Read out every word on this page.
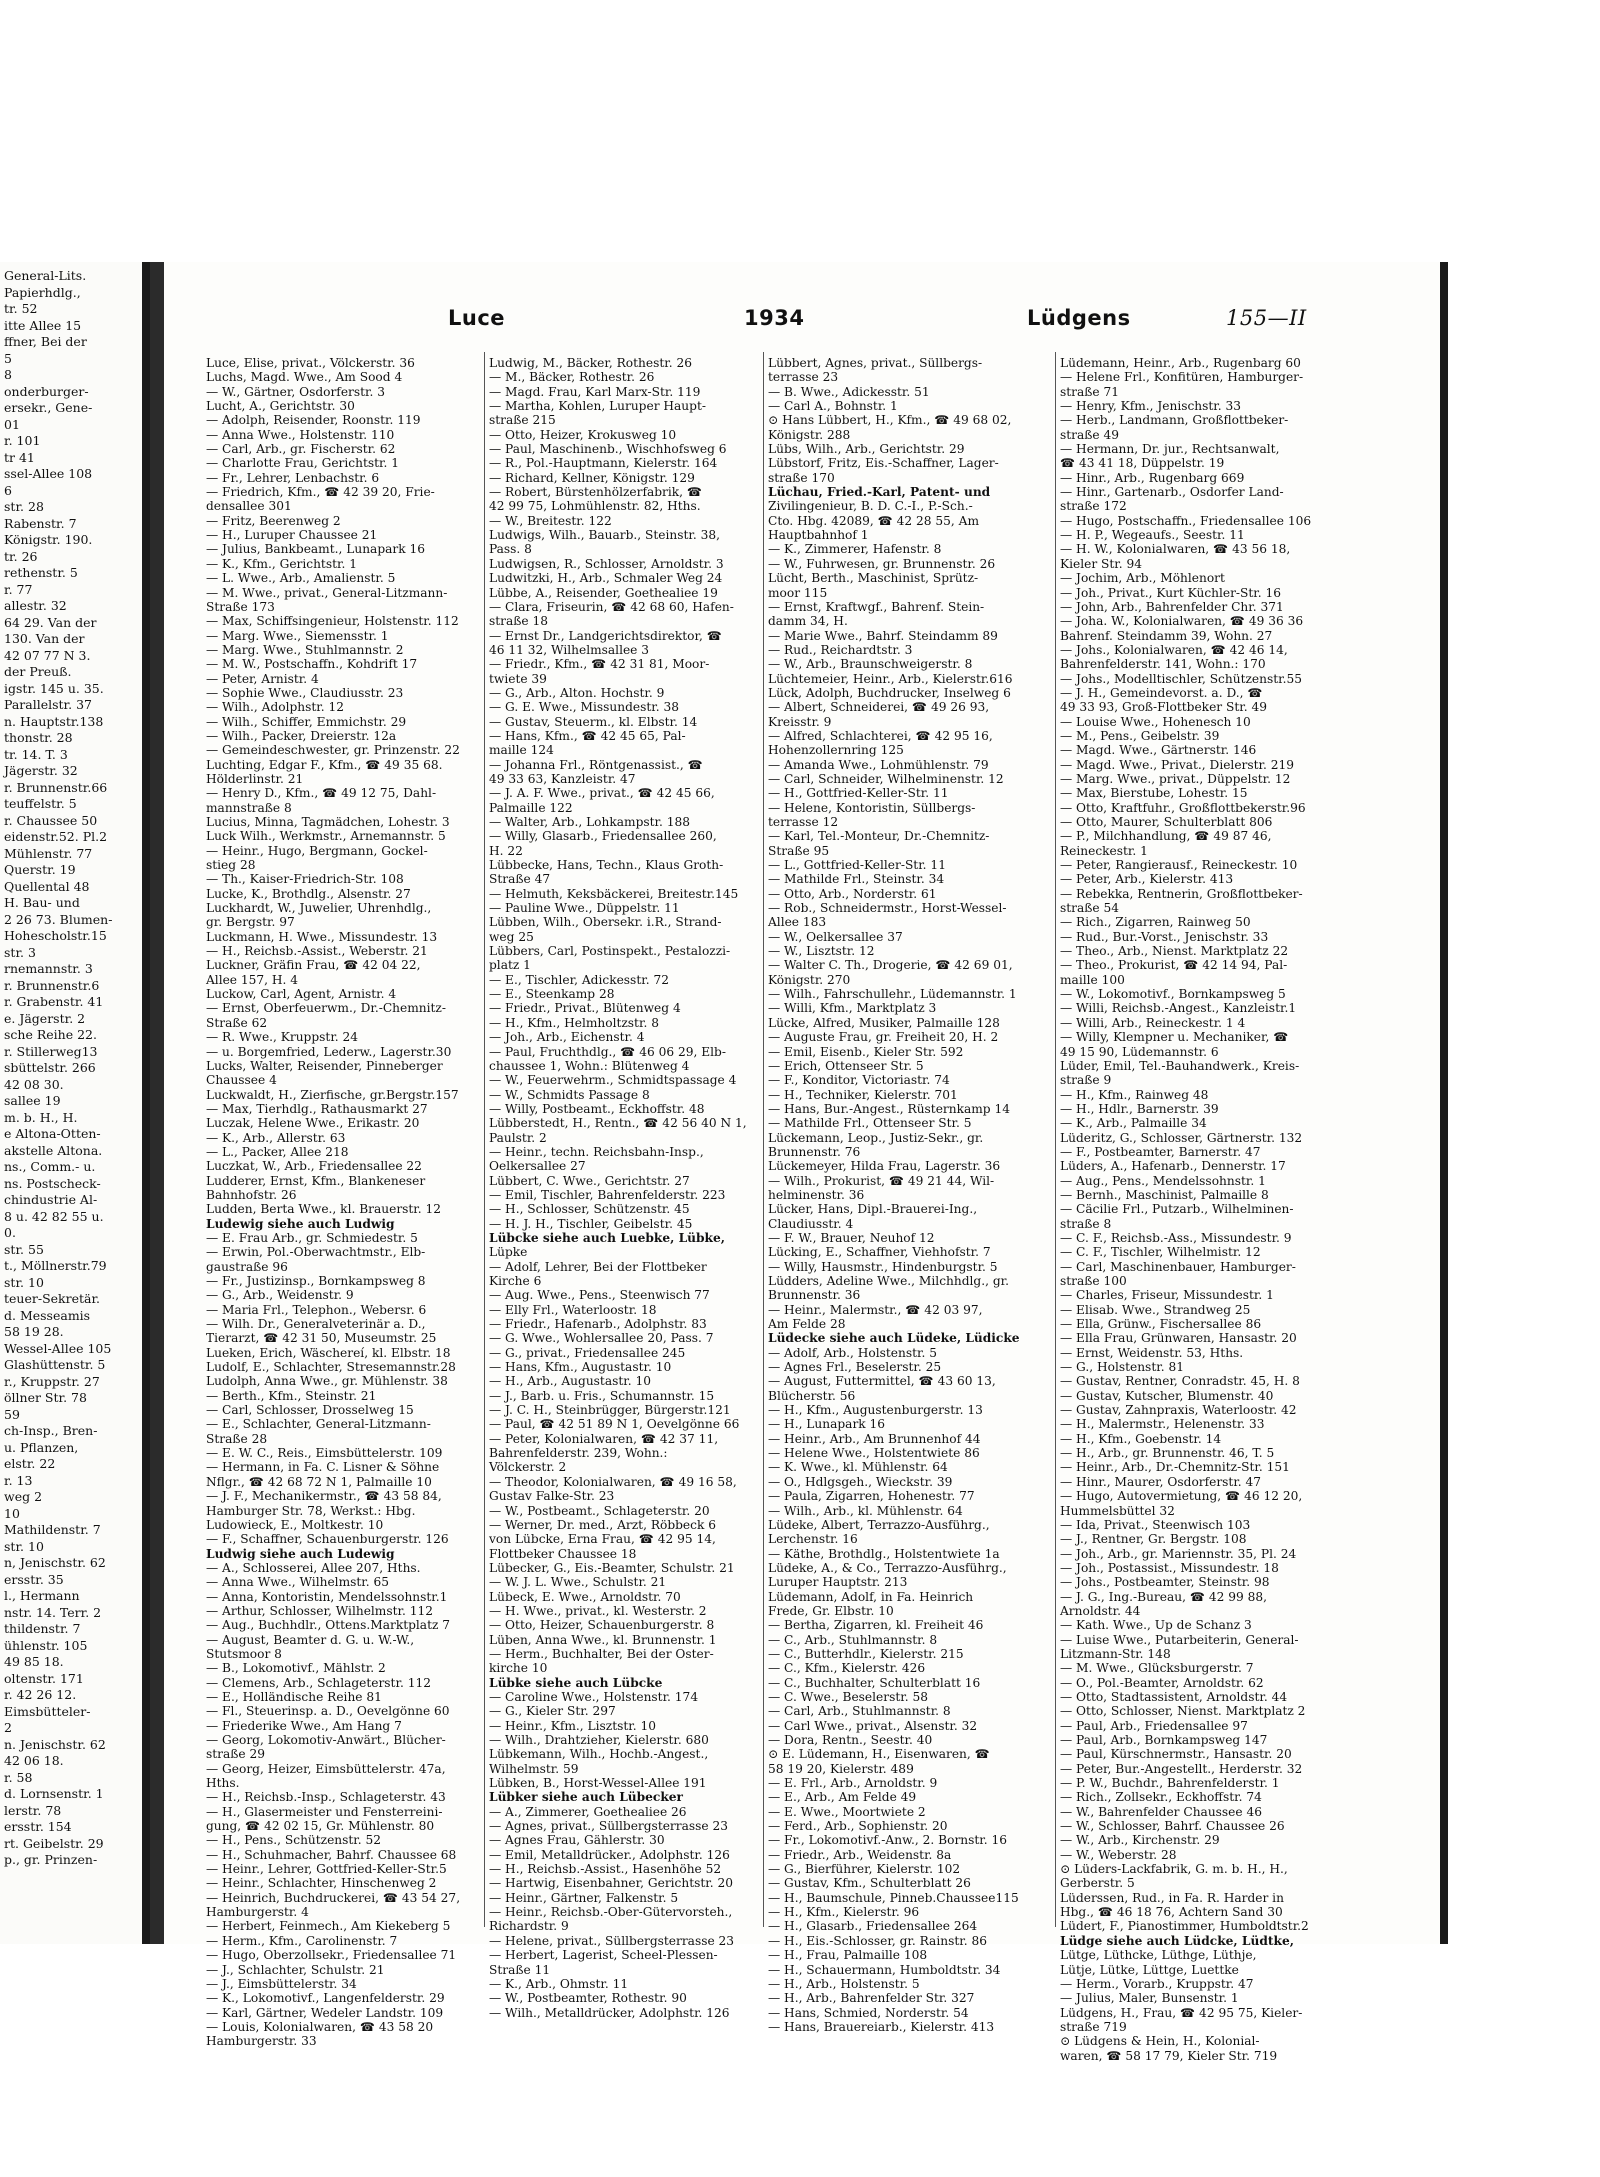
General-Lits.
Papierhdlg.,
tr. 52
itte Allee 15
ffner, Bei der
5
8
onderburger-
ersekr., Gene-
01
r. 101
tr 41
ssel-Allee 108
6
str. 28
Rabenstr. 7
Königstr. 190.
tr. 26
rethenstr. 5
r. 77
allestr. 32
64 29. Van der
130. Van der
42 07 77 N 3.
der Preuß.
igstr. 145 u. 35.
Parallelstr. 37
n. Hauptstr.138
thonstr. 28
tr. 14. T. 3
Jägerstr. 32
r. Brunnenstr.66
teuffelstr. 5
r. Chaussee 50
eidenstr.52. Pl.2
Mühlenstr. 77
Querstr. 19
Quellental 48
H. Bau- und
2 26 73. Blumen-
Hohescholstr.15
str. 3
rnemannstr. 3
r. Brunnenstr.6
r. Grabenstr. 41
e. Jägerstr. 2
sche Reihe 22.
r. Stillerweg13
sbüttelstr. 266
42 08 30.
sallee 19
m. b. H., H.
e Altona-Otten-
akstelle Altona.
ns., Comm.- u.
ns. Postscheck-
chindustrie Al-
8 u. 42 82 55 u.
0.
str. 55
t., Möllnerstr.79
str. 10
teuer-Sekretär.
d. Messeamis
58 19 28.
Wessel-Allee 105
Glashüttenstr. 5
r., Kruppstr. 27
öllner Str. 78
59
ch-Insp., Bren-
u. Pflanzen,
elstr. 22
r. 13
weg 2
10
Mathildenstr. 7
str. 10
n, Jenischstr. 62
ersstr. 35
l., Hermann
nstr. 14. Terr. 2
thildenstr. 7
ühlenstr. 105
49 85 18.
oltenstr. 171
r. 42 26 12.
Eimsbütteler-
2
n. Jenischstr. 62
42 06 18.
r. 58
d. Lornsenstr. 1
lerstr. 78
ersstr. 154
rt. Geibelstr. 29
p., gr. Prinzen-
Luce	1934	Lüdgens	155—II
Luce, Elise, privat., Völckerstr. 36
Luchs, Magd. Wwe., Am Sood 4
— W., Gärtner, Osdorferstr. 3
Lucht, A., Gerichtstr. 30
— Adolph, Reisender, Roonstr. 119
— Anna Wwe., Holstenstr. 110
— Carl, Arb., gr. Fischerstr. 62
— Charlotte Frau, Gerichtstr. 1
— Fr., Lehrer, Lenbachstr. 6
— Friedrich, Kfm., ☎ 42 39 20, Frie-
densallee 301
— Fritz, Beerenweg 2
— H., Luruper Chaussee 21
— Julius, Bankbeamt., Lunapark 16
— K., Kfm., Gerichtstr. 1
— L. Wwe., Arb., Amalienstr. 5
— M. Wwe., privat., General-Litzmann-
Straße 173
— Max, Schiffsingenieur, Holstenstr. 112
— Marg. Wwe., Siemensstr. 1
— Marg. Wwe., Stuhlmannstr. 2
— M. W., Postschaffn., Kohdrift 17
— Peter, Arnistr. 4
— Sophie Wwe., Claudiusstr. 23
— Wilh., Adolphstr. 12
— Wilh., Schiffer, Emmichstr. 29
— Wilh., Packer, Dreierstr. 12a
— Gemeindeschwester, gr. Prinzenstr. 22
Luchting, Edgar F., Kfm., ☎ 49 35 68.
Hölderlinstr. 21
— Henry D., Kfm., ☎ 49 12 75, Dahl-
mannstraße 8
Lucius, Minna, Tagmädchen, Lohestr. 3
Luck Wilh., Werkmstr., Arnemannstr. 5
— Heinr., Hugo, Bergmann, Gockel-
stieg 28
— Th., Kaiser-Friedrich-Str. 108
Lucke, K., Brothdlg., Alsenstr. 27
Luckhardt, W., Juwelier, Uhrenhdlg.,
gr. Bergstr. 97
Luckmann, H. Wwe., Missundestr. 13
— H., Reichsb.-Assist., Weberstr. 21
Luckner, Gräfin Frau, ☎ 42 04 22,
Allee 157, H. 4
Luckow, Carl, Agent, Arnistr. 4
— Ernst, Oberfeuerwm., Dr.-Chemnitz-
Straße 62
— R. Wwe., Kruppstr. 24
— u. Borgemfried, Lederw., Lagerstr.30
Lucks, Walter, Reisender, Pinneberger
Chaussee 4
Luckwaldt, H., Zierfische, gr.Bergstr.157
— Max, Tierhdlg., Rathausmarkt 27
Luczak, Helene Wwe., Erikastr. 20
— K., Arb., Allerstr. 63
— L., Packer, Allee 218
Luczkat, W., Arb., Friedensallee 22
Ludderer, Ernst, Kfm., Blankeneser
Bahnhofstr. 26
Ludden, Berta Wwe., kl. Brauerstr. 12
Ludewig siehe auch Ludwig
— E. Frau Arb., gr. Schmiedestr. 5
— Erwin, Pol.-Oberwachtmstr., Elb-
gaustraße 96
— Fr., Justizinsp., Bornkampsweg 8
— G., Arb., Weidenstr. 9
— Maria Frl., Telephon., Webersr. 6
— Wilh. Dr., Generalveterinär a. D.,
Tierarzt, ☎ 42 31 50, Museumstr. 25
Lueken, Erich, Wäschereí, kl. Elbstr. 18
Ludolf, E., Schlachter, Stresemannstr.28
Ludolph, Anna Wwe., gr. Mühlenstr. 38
— Berth., Kfm., Steinstr. 21
— Carl, Schlosser, Drosselweg 15
— E., Schlachter, General-Litzmann-
Straße 28
— E. W. C., Reis., Eimsbüttelerstr. 109
— Hermann, in Fa. C. Lisner & Söhne
Nflgr., ☎ 42 68 72 N 1, Palmaille 10
— J. F., Mechanikermstr., ☎ 43 58 84,
Hamburger Str. 78, Werkst.: Hbg.
Ludowieck, E., Moltkestr. 10
— F., Schaffner, Schauenburgerstr. 126
Ludwig siehe auch Ludewig
— A., Schlosserei, Allee 207, Hths.
— Anna Wwe., Wilhelmstr. 65
— Anna, Kontoristin, Mendelssohnstr.1
— Arthur, Schlosser, Wilhelmstr. 112
— Aug., Buchhdlr., Ottens.Marktplatz 7
— August, Beamter d. G. u. W.-W.,
Stutsmoor 8
— B., Lokomotivf., Mählstr. 2
— Clemens, Arb., Schlageterstr. 112
— E., Holländische Reihe 81
— Fl., Steuerinsp. a. D., Oevelgönne 60
— Friederike Wwe., Am Hang 7
— Georg, Lokomotiv-Anwärt., Blücher-
straße 29
— Georg, Heizer, Eimsbüttelerstr. 47a,
Hths.
— H., Reichsb.-Insp., Schlageterstr. 43
— H., Glasermeister und Fensterreini-
gung, ☎ 42 02 15, Gr. Mühlenstr. 80
— H., Pens., Schützenstr. 52
— H., Schuhmacher, Bahrf. Chaussee 68
— Heinr., Lehrer, Gottfried-Keller-Str.5
— Heinr., Schlachter, Hinschenweg 2
— Heinrich, Buchdruckerei, ☎ 43 54 27,
Hamburgerstr. 4
— Herbert, Feinmech., Am Kiekeberg 5
— Herm., Kfm., Carolinenstr. 7
— Hugo, Oberzollsekr., Friedensallee 71
— J., Schlachter, Schulstr. 21
— J., Eimsbüttelerstr. 34
— K., Lokomotivf., Langenfelderstr. 29
— Karl, Gärtner, Wedeler Landstr. 109
— Louis, Kolonialwaren, ☎ 43 58 20
Hamburgerstr. 33
Ludwig, M., Bäcker, Rothestr. 26
— M., Bäcker, Rothestr. 26
— Magd. Frau, Karl Marx-Str. 119
— Martha, Kohlen, Luruper Haupt-
straße 215
— Otto, Heizer, Krokusweg 10
— Paul, Maschinenb., Wischhofsweg 6
— R., Pol.-Hauptmann, Kielerstr. 164
— Richard, Kellner, Königstr. 129
— Robert, Bürstenhölzerfabrik, ☎
42 99 75, Lohmühlenstr. 82, Hths.
— W., Breitestr. 122
Ludwigs, Wilh., Bauarb., Steinstr. 38,
Pass. 8
Ludwigsen, R., Schlosser, Arnoldstr. 3
Ludwitzki, H., Arb., Schmaler Weg 24
Lübbe, A., Reisender, Goethealiee 19
— Clara, Friseurin, ☎ 42 68 60, Hafen-
straße 18
— Ernst Dr., Landgerichtsdirektor, ☎
46 11 32, Wilhelmsallee 3
— Friedr., Kfm., ☎ 42 31 81, Moor-
twiete 39
— G., Arb., Alton. Hochstr. 9
— G. E. Wwe., Missundestr. 38
— Gustav, Steuerm., kl. Elbstr. 14
— Hans, Kfm., ☎ 42 45 65, Pal-
maille 124
— Johanna Frl., Röntgenassist., ☎
49 33 63, Kanzleistr. 47
— J. A. F. Wwe., privat., ☎ 42 45 66,
Palmaille 122
— Walter, Arb., Lohkampstr. 188
— Willy, Glasarb., Friedensallee 260,
H. 22
Lübbecke, Hans, Techn., Klaus Groth-
Straße 47
— Helmuth, Keksbäckerei, Breitestr.145
— Pauline Wwe., Düppelstr. 11
Lübben, Wilh., Obersekr. i.R., Strand-
weg 25
Lübbers, Carl, Postinspekt., Pestalozzi-
platz 1
— E., Tischler, Adickesstr. 72
— E., Steenkamp 28
— Friedr., Privat., Blütenweg 4
— H., Kfm., Helmholtzstr. 8
— Joh., Arb., Eichenstr. 4
— Paul, Fruchthdlg., ☎ 46 06 29, Elb-
chaussee 1, Wohn.: Blütenweg 4
— W., Feuerwehrm., Schmidtspassage 4
— W., Schmidts Passage 8
— Willy, Postbeamt., Eckhoffstr. 48
Lübberstedt, H., Rentn., ☎ 42 56 40 N 1,
Paulstr. 2
— Heinr., techn. Reichsbahn-Insp.,
Oelkersallee 27
Lübbert, C. Wwe., Gerichtstr. 27
— Emil, Tischler, Bahrenfelderstr. 223
— H., Schlosser, Schützenstr. 45
— H. J. H., Tischler, Geibelstr. 45
Lübcke siehe auch Luebke, Lübke,
Lüpke
— Adolf, Lehrer, Bei der Flottbeker
Kirche 6
— Aug. Wwe., Pens., Steenwisch 77
— Elly Frl., Waterloostr. 18
— Friedr., Hafenarb., Adolphstr. 83
— G. Wwe., Wohlersallee 20, Pass. 7
— G., privat., Friedensallee 245
— Hans, Kfm., Augustastr. 10
— H., Arb., Augustastr. 10
— J., Barb. u. Fris., Schumannstr. 15
— J. C. H., Steinbrügger, Bürgerstr.121
— Paul, ☎ 42 51 89 N 1, Oevelgönne 66
— Peter, Kolonialwaren, ☎ 42 37 11,
Bahrenfelderstr. 239, Wohn.:
Völckerstr. 2
— Theodor, Kolonialwaren, ☎ 49 16 58,
Gustav Falke-Str. 23
— W., Postbeamt., Schlageterstr. 20
— Werner, Dr. med., Arzt, Röbbeck 6
von Lübcke, Erna Frau, ☎ 42 95 14,
Flottbeker Chaussee 18
Lübecker, G., Eis.-Beamter, Schulstr. 21
— W. J. L. Wwe., Schulstr. 21
Lübeck, E. Wwe., Arnoldstr. 70
— H. Wwe., privat., kl. Westerstr. 2
— Otto, Heizer, Schauenburgerstr. 8
Lüben, Anna Wwe., kl. Brunnenstr. 1
— Herm., Buchhalter, Bei der Oster-
kirche 10
Lübke siehe auch Lübcke
— Caroline Wwe., Holstenstr. 174
— G., Kieler Str. 297
— Heinr., Kfm., Lisztstr. 10
— Wilh., Drahtzieher, Kielerstr. 680
Lübkemann, Wilh., Hochb.-Angest.,
Wilhelmstr. 59
Lübken, B., Horst-Wessel-Allee 191
Lübker siehe auch Lübecker
— A., Zimmerer, Goethealiee 26
— Agnes, privat., Süllbergsterrasse 23
— Agnes Frau, Gählerstr. 30
— Emil, Metalldrücker., Adolphstr. 126
— H., Reichsb.-Assist., Hasenhöhe 52
— Hartwig, Eisenbahner, Gerichtstr. 20
— Heinr., Gärtner, Falkenstr. 5
— Heinr., Reichsb.-Ober-Gütervorsteh.,
Richardstr. 9
— Helene, privat., Süllbergsterrasse 23
— Herbert, Lagerist, Scheel-Plessen-
Straße 11
— K., Arb., Ohmstr. 11
— W., Postbeamter, Rothestr. 90
— Wilh., Metalldrücker, Adolphstr. 126
Lübbert, Agnes, privat., Süllbergs-
terrasse 23
— B. Wwe., Adickesstr. 51
— Carl A., Bohnstr. 1
⊙ Hans Lübbert, H., Kfm., ☎ 49 68 02,
Königstr. 288
Lübs, Wilh., Arb., Gerichtstr. 29
Lübstorf, Fritz, Eis.-Schaffner, Lager-
straße 170
Lüchau, Fried.-Karl, Patent- und
Zivilingenieur, B. D. C.-I., P.-Sch.-
Cto. Hbg. 42089, ☎ 42 28 55, Am
Hauptbahnhof 1
— K., Zimmerer, Hafenstr. 8
— W., Fuhrwesen, gr. Brunnenstr. 26
Lücht, Berth., Maschinist, Sprütz-
moor 115
— Ernst, Kraftwgf., Bahrenf. Stein-
damm 34, H.
— Marie Wwe., Bahrf. Steindamm 89
— Rud., Reichardtstr. 3
— W., Arb., Braunschweigerstr. 8
Lüchtemeier, Heinr., Arb., Kielerstr.616
Lück, Adolph, Buchdrucker, Inselweg 6
— Albert, Schneiderei, ☎ 49 26 93,
Kreisstr. 9
— Alfred, Schlachterei, ☎ 42 95 16,
Hohenzollernring 125
— Amanda Wwe., Lohmühlenstr. 79
— Carl, Schneider, Wilhelminenstr. 12
— H., Gottfried-Keller-Str. 11
— Helene, Kontoristin, Süllbergs-
terrasse 12
— Karl, Tel.-Monteur, Dr.-Chemnitz-
Straße 95
— L., Gottfried-Keller-Str. 11
— Mathilde Frl., Steinstr. 34
— Otto, Arb., Norderstr. 61
— Rob., Schneidermstr., Horst-Wessel-
Allee 183
— W., Oelkersallee 37
— W., Lisztstr. 12
— Walter C. Th., Drogerie, ☎ 42 69 01,
Königstr. 270
— Wilh., Fahrschullehr., Lüdemannstr. 1
— Willi, Kfm., Marktplatz 3
Lücke, Alfred, Musiker, Palmaille 128
— Auguste Frau, gr. Freiheit 20, H. 2
— Emil, Eisenb., Kieler Str. 592
— Erich, Ottenseer Str. 5
— F., Konditor, Victoriastr. 74
— H., Techniker, Kielerstr. 701
— Hans, Bur.-Angest., Rüsternkamp 14
— Mathilde Frl., Ottenseer Str. 5
Lückemann, Leop., Justiz-Sekr., gr.
Brunnenstr. 76
Lückemeyer, Hilda Frau, Lagerstr. 36
— Wilh., Prokurist, ☎ 49 21 44, Wil-
helminenstr. 36
Lücker, Hans, Dipl.-Brauerei-Ing.,
Claudiusstr. 4
— F. W., Brauer, Neuhof 12
Lücking, E., Schaffner, Viehhofstr. 7
— Willy, Hausmstr., Hindenburgstr. 5
Lüdders, Adeline Wwe., Milchhdlg., gr.
Brunnenstr. 36
— Heinr., Malermstr., ☎ 42 03 97,
Am Felde 28
Lüdecke siehe auch Lüdeke, Lüdicke
— Adolf, Arb., Holstenstr. 5
— Agnes Frl., Beselerstr. 25
— August, Futtermittel, ☎ 43 60 13,
Blücherstr. 56
— H., Kfm., Augustenburgerstr. 13
— H., Lunapark 16
— Heinr., Arb., Am Brunnenhof 44
— Helene Wwe., Holstentwiete 86
— K. Wwe., kl. Mühlenstr. 64
— O., Hdlgsgeh., Wieckstr. 39
— Paula, Zigarren, Hohenestr. 77
— Wilh., Arb., kl. Mühlenstr. 64
Lüdeke, Albert, Terrazzo-Ausführg.,
Lerchenstr. 16
— Käthe, Brothdlg., Holstentwiete 1a
Lüdeke, A., & Co., Terrazzo-Ausführg.,
Luruper Hauptstr. 213
Lüdemann, Adolf, in Fa. Heinrich
Frede, Gr. Elbstr. 10
— Bertha, Zigarren, kl. Freiheit 46
— C., Arb., Stuhlmannstr. 8
— C., Butterhdlr., Kielerstr. 215
— C., Kfm., Kielerstr. 426
— C., Buchhalter, Schulterblatt 16
— C. Wwe., Beselerstr. 58
— Carl, Arb., Stuhlmannstr. 8
— Carl Wwe., privat., Alsenstr. 32
— Dora, Rentn., Seestr. 40
⊙ E. Lüdemann, H., Eisenwaren, ☎
58 19 20, Kielerstr. 489
— E. Frl., Arb., Arnoldstr. 9
— E., Arb., Am Felde 49
— E. Wwe., Moortwiete 2
— Ferd., Arb., Sophienstr. 20
— Fr., Lokomotivf.-Anw., 2. Bornstr. 16
— Friedr., Arb., Weidenstr. 8a
— G., Bierführer, Kielerstr. 102
— Gustav, Kfm., Schulterblatt 26
— H., Baumschule, Pinneb.Chaussee115
— H., Kfm., Kielerstr. 96
— H., Glasarb., Friedensallee 264
— H., Eis.-Schlosser, gr. Rainstr. 86
— H., Frau, Palmaille 108
— H., Schauermann, Humboldtstr. 34
— H., Arb., Holstenstr. 5
— H., Arb., Bahrenfelder Str. 327
— Hans, Schmied, Norderstr. 54
— Hans, Brauereiarb., Kielerstr. 413
Lüdemann, Heinr., Arb., Rugenbarg 60
— Helene Frl., Konfitüren, Hamburger-
straße 71
— Henry, Kfm., Jenischstr. 33
— Herb., Landmann, Großflottbeker-
straße 49
— Hermann, Dr. jur., Rechtsanwalt,
☎ 43 41 18, Düppelstr. 19
— Hinr., Arb., Rugenbarg 669
— Hinr., Gartenarb., Osdorfer Land-
straße 172
— Hugo, Postschaffn., Friedensallee 106
— H. P., Wegeaufs., Seestr. 11
— H. W., Kolonialwaren, ☎ 43 56 18,
Kieler Str. 94
— Jochim, Arb., Möhlenort
— Joh., Privat., Kurt Küchler-Str. 16
— John, Arb., Bahrenfelder Chr. 371
— Joha. W., Kolonialwaren, ☎ 49 36 36
Bahrenf. Steindamm 39, Wohn. 27
— Johs., Kolonialwaren, ☎ 42 46 14,
Bahrenfelderstr. 141, Wohn.: 170
— Johs., Modelltischler, Schützenstr.55
— J. H., Gemeindevorst. a. D., ☎
49 33 93, Groß-Flottbeker Str. 49
— Louise Wwe., Hohenesch 10
— M., Pens., Geibelstr. 39
— Magd. Wwe., Gärtnerstr. 146
— Magd. Wwe., Privat., Dielerstr. 219
— Marg. Wwe., privat., Düppelstr. 12
— Max, Bierstube, Lohestr. 15
— Otto, Kraftfuhr., Großflottbekerstr.96
— Otto, Maurer, Schulterblatt 806
— P., Milchhandlung, ☎ 49 87 46,
Reineckestr. 1
— Peter, Rangierausf., Reineckestr. 10
— Peter, Arb., Kielerstr. 413
— Rebekka, Rentnerin, Großflottbeker-
straße 54
— Rich., Zigarren, Rainweg 50
— Rud., Bur.-Vorst., Jenischstr. 33
— Theo., Arb., Nienst. Marktplatz 22
— Theo., Prokurist, ☎ 42 14 94, Pal-
maille 100
— W., Lokomotivf., Bornkampsweg 5
— Willi, Reichsb.-Angest., Kanzleistr.1
— Willi, Arb., Reineckestr. 1 4
— Willy, Klempner u. Mechaniker, ☎
49 15 90, Lüdemannstr. 6
Lüder, Emil, Tel.-Bauhandwerk., Kreis-
straße 9
— H., Kfm., Rainweg 48
— H., Hdlr., Barnerstr. 39
— K., Arb., Palmaille 34
Lüderitz, G., Schlosser, Gärtnerstr. 132
— F., Postbeamter, Barnerstr. 47
Lüders, A., Hafenarb., Dennerstr. 17
— Aug., Pens., Mendelssohnstr. 1
— Bernh., Maschinist, Palmaille 8
— Cäcilie Frl., Putzarb., Wilhelminen-
straße 8
— C. F., Reichsb.-Ass., Missundestr. 9
— C. F., Tischler, Wilhelmistr. 12
— Carl, Maschinenbauer, Hamburger-
straße 100
— Charles, Friseur, Missundestr. 1
— Elisab. Wwe., Strandweg 25
— Ella, Grünw., Fischersallee 86
— Ella Frau, Grünwaren, Hansastr. 20
— Ernst, Weidenstr. 53, Hths.
— G., Holstenstr. 81
— Gustav, Rentner, Conradstr. 45, H. 8
— Gustav, Kutscher, Blumenstr. 40
— Gustav, Zahnpraxis, Waterloostr. 42
— H., Malermstr., Helenenstr. 33
— H., Kfm., Goebenstr. 14
— H., Arb., gr. Brunnenstr. 46, T. 5
— Heinr., Arb., Dr.-Chemnitz-Str. 151
— Hinr., Maurer, Osdorferstr. 47
— Hugo, Autovermietung, ☎ 46 12 20,
Hummelsbüttel 32
— Ida, Privat., Steenwisch 103
— J., Rentner, Gr. Bergstr. 108
— Joh., Arb., gr. Mariennstr. 35, Pl. 24
— Joh., Postassist., Missundestr. 18
— Johs., Postbeamter, Steinstr. 98
— J. G., Ing.-Bureau, ☎ 42 99 88,
Arnoldstr. 44
— Kath. Wwe., Up de Schanz 3
— Luise Wwe., Putarbeiterin, General-
Litzmann-Str. 148
— M. Wwe., Glücksburgerstr. 7
— O., Pol.-Beamter, Arnoldstr. 62
— Otto, Stadtassistent, Arnoldstr. 44
— Otto, Schlosser, Nienst. Marktplatz 2
— Paul, Arb., Friedensallee 97
— Paul, Arb., Bornkampsweg 147
— Paul, Kürschnermstr., Hansastr. 20
— Peter, Bur.-Angestellt., Herderstr. 32
— P. W., Buchdr., Bahrenfelderstr. 1
— Rich., Zollsekr., Eckhoffstr. 74
— W., Bahrenfelder Chaussee 46
— W., Schlosser, Bahrf. Chaussee 26
— W., Arb., Kirchenstr. 29
— W., Weberstr. 28
⊙ Lüders-Lackfabrik, G. m. b. H., H.,
Gerberstr. 5
Lüderssen, Rud., in Fa. R. Harder in
Hbg., ☎ 46 18 76, Achtern Sand 30
Lüdert, F., Pianostimmer, Humboldtstr.2
Lüdge siehe auch Lüdcke, Lüdtke,
Lütge, Lüthcke, Lüthge, Lüthje,
Lütje, Lütke, Lüttge, Luettke
— Herm., Vorarb., Kruppstr. 47
— Julius, Maler, Bunsenstr. 1
Lüdgens, H., Frau, ☎ 42 95 75, Kieler-
straße 719
⊙ Lüdgens & Hein, H., Kolonial-
waren, ☎ 58 17 79, Kieler Str. 719
